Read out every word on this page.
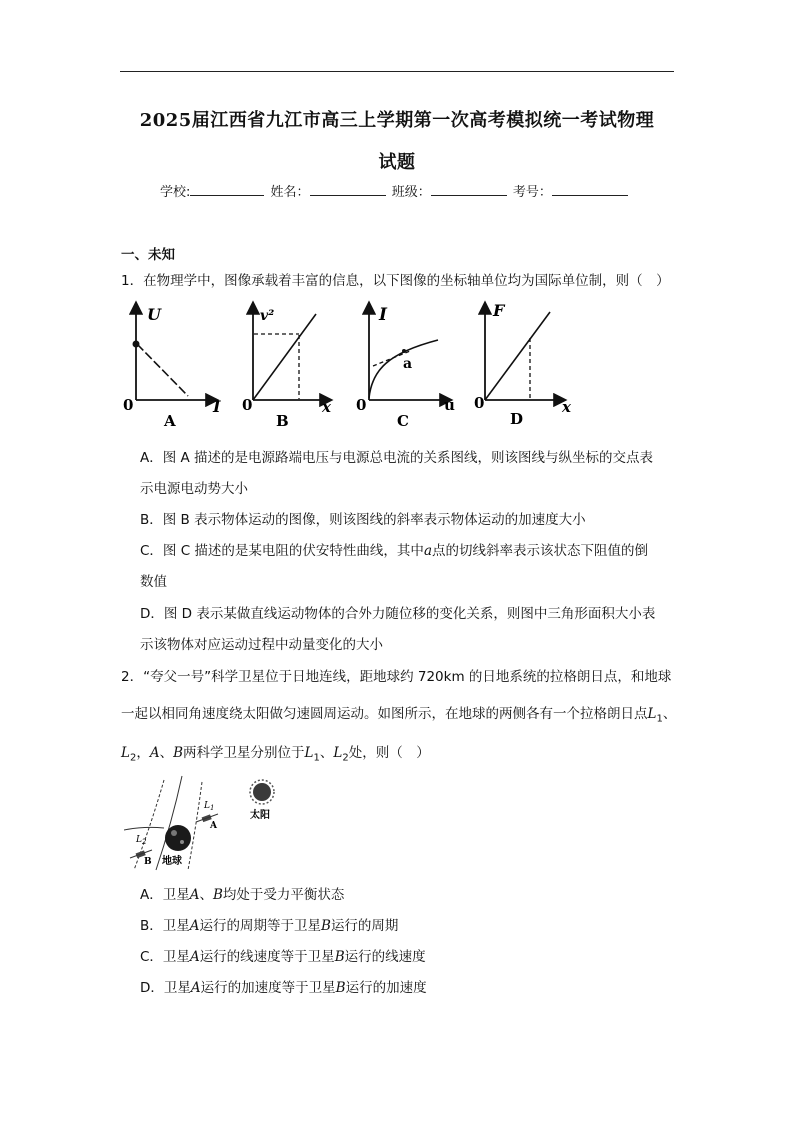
2025届江西省九江市高三上学期第一次高考模拟统一考试物理
试题
学校:	姓名：	班级：	考号：
一、未知
1．在物理学中，图像承载着丰富的信息，以下图像的坐标轴单位均为国际单位制，则（　）
U
I
0
A
v²
x
0
B
I
u
0
C
a
F
x
0
D
A．图 A 描述的是电源路端电压与电源总电流的关系图线，则该图线与纵坐标的交点表
示电源电动势大小
B．图 B 表示物体运动的图像，则该图线的斜率表示物体运动的加速度大小
C．图 C 描述的是某电阻的伏安特性曲线，其中a点的切线斜率表示该状态下阻值的倒
数值
D．图 D 表示某做直线运动物体的合外力随位移的变化关系，则图中三角形面积大小表
示该物体对应运动过程中动量变化的大小
2．“夸父一号”科学卫星位于日地连线，距地球约 720km 的日地系统的拉格朗日点，和地球
一起以相同角速度绕太阳做匀速圆周运动。如图所示，在地球的两侧各有一个拉格朗日点$L_1$、
$L_2$，A、B两科学卫星分别位于$L_1$、$L_2$处，则（　）
太阳
地球
$L_1$
A
$L_2$
B
A．卫星A、B均处于受力平衡状态
B．卫星A运行的周期等于卫星B运行的周期
C．卫星A运行的线速度等于卫星B运行的线速度
D．卫星A运行的加速度等于卫星B运行的加速度
